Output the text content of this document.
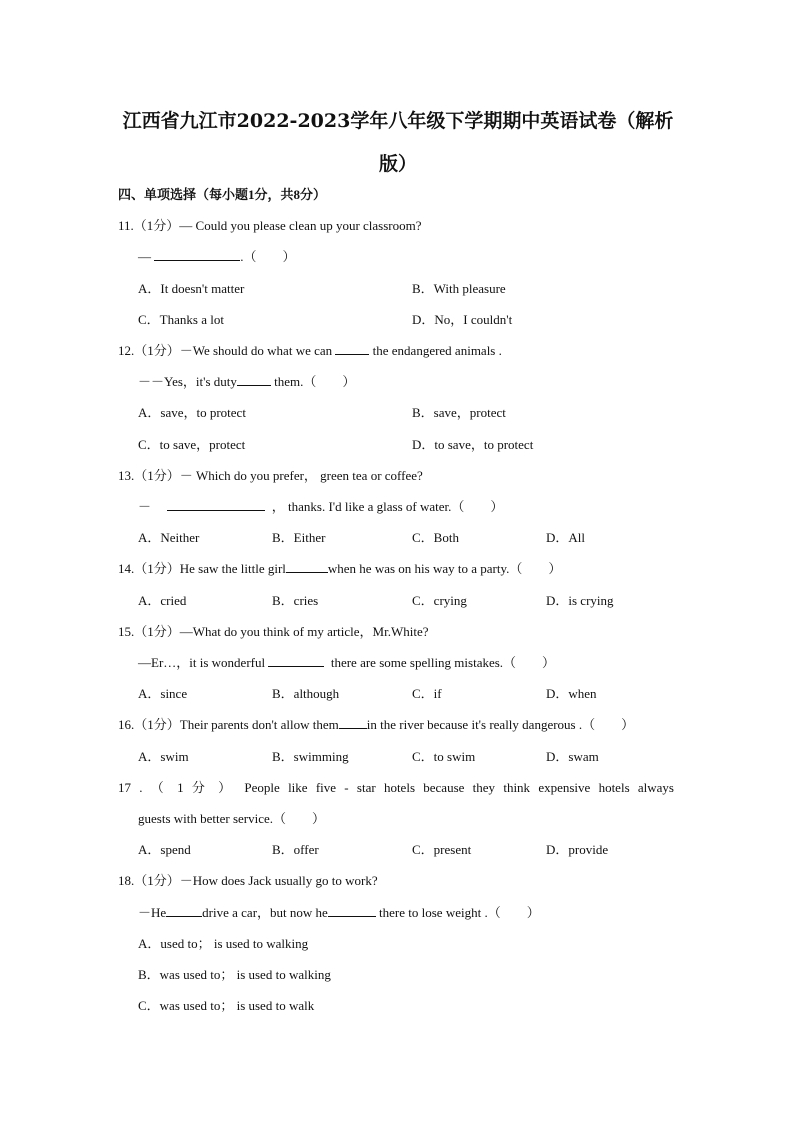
江西省九江市2022-2023学年八年级下学期期中英语试卷（解析版）
四、单项选择（每小题1分，共8分）
11.（1分）— Could you please clean up your classroom?
—	.（　　）
A．It doesn't matter	B．With pleasure
C．Thanks a lot	D．No，I couldn't
12.（1分）－We should do what we can	the endangered animals .
－－Yes，it's duty	them.（　　）
A．save，to protect	B．save，protect
C．to save，protect	D．to save，to protect
13.（1分）－ Which do you prefer， green tea or coffee?
－	， thanks. I'd like a glass of water.（　　）
A．Neither	B．Either	C．Both	D．All
14.（1分）He saw the little girl	when he was on his way to a party.（　　）
A．cried	B．cries	C．crying	D．is crying
15.（1分）—What do you think of my article，Mr.White?
—Er…，it is wonderful	there are some spelling mistakes.（　　）
A．since	B．although	C．if	D．when
16.（1分）Their parents don't allow them in the river because it's really dangerous .（　　）
A．swim	B．swimming	C．to swim	D．swam
17 . （ 1 分 ） People like five - star hotels because they think expensive hotels always
guests with better service.（　　）
A．spend	B．offer	C．present	D．provide
18.（1分）－How does Jack usually go to work?
－He	drive a car，but now he	there to lose weight .（　　）
A．used to； is used to walking
B．was used to； is used to walking
C．was used to； is used to walk
